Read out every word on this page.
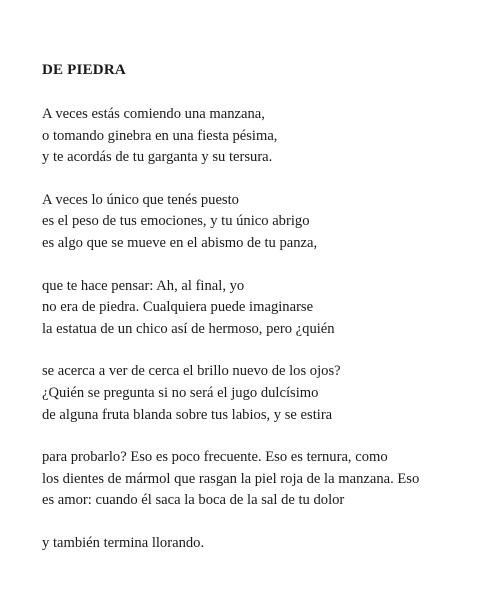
DE PIEDRA
A veces estás comiendo una manzana,
o tomando ginebra en una fiesta pésima,
y te acordás de tu garganta y su tersura.
A veces lo único que tenés puesto
es el peso de tus emociones, y tu único abrigo
es algo que se mueve en el abismo de tu panza,
que te hace pensar: Ah, al final, yo
no era de piedra. Cualquiera puede imaginarse
la estatua de un chico así de hermoso, pero ¿quién
se acerca a ver de cerca el brillo nuevo de los ojos?
¿Quién se pregunta si no será el jugo dulcísimo
de alguna fruta blanda sobre tus labios, y se estira
para probarlo? Eso es poco frecuente. Eso es ternura, como
los dientes de mármol que rasgan la piel roja de la manzana. Eso
es amor: cuando él saca la boca de la sal de tu dolor
y también termina llorando.
